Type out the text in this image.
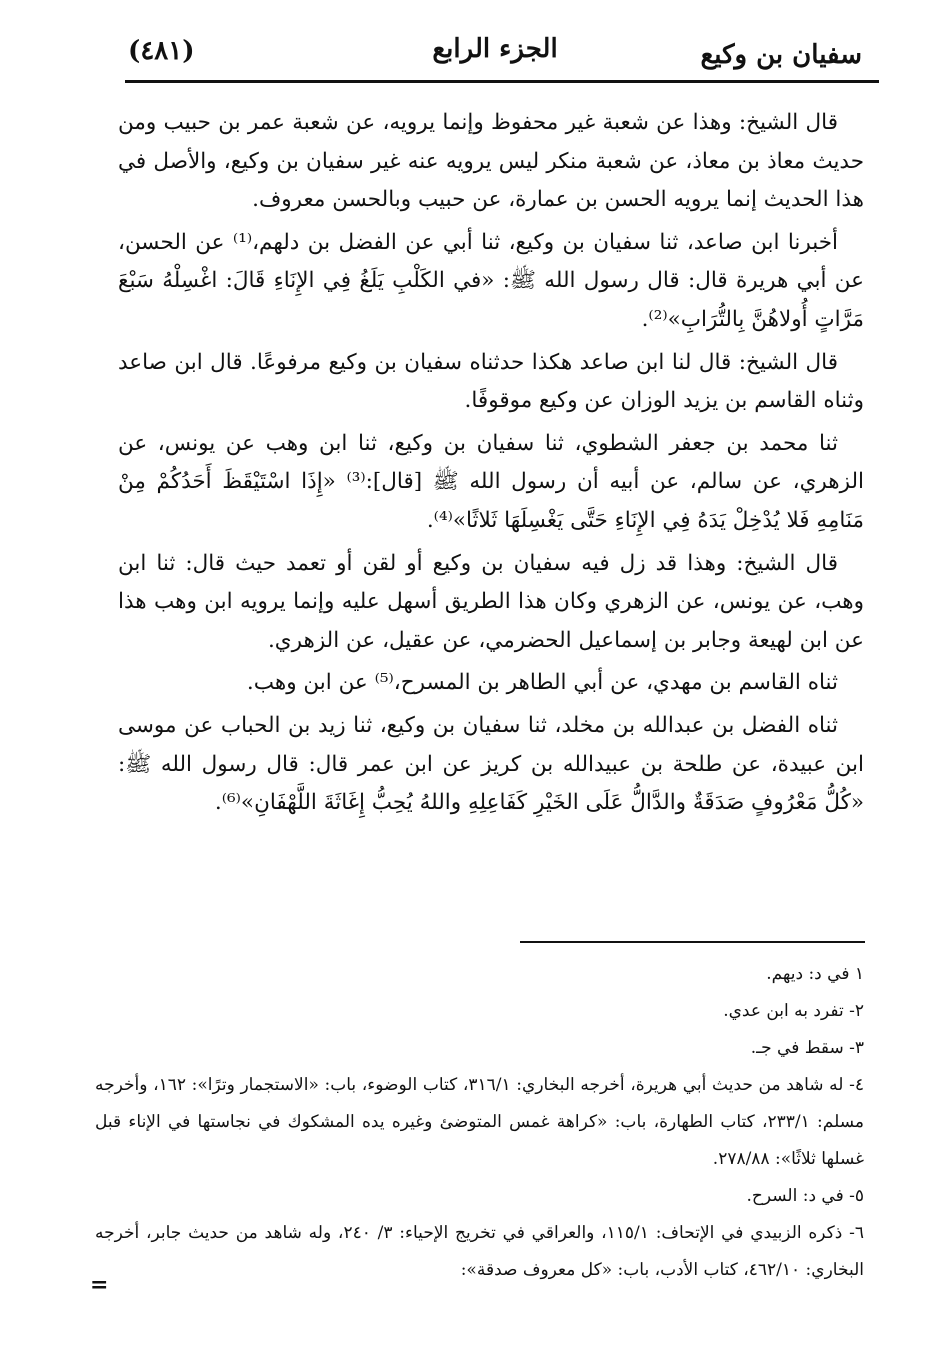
سفيان بن وكيع
الجزء الرابع
(٤٨١)

قال الشيخ: وهذا عن شعبة غير محفوظ وإنما يرويه، عن شعبة عمر بن حبيب ومن حديث معاذ بن معاذ، عن شعبة منكر ليس يرويه عنه غير سفيان بن وكيع، والأصل في هذا الحديث إنما يرويه الحسن بن عمارة، عن حبيب وبالحسن معروف.

أخبرنا ابن صاعد، ثنا سفيان بن وكيع، ثنا أبي عن الفضل بن دلهم،⁽¹⁾ عن الحسن، عن أبي هريرة قال: قال رسول الله ﷺ: «في الكَلْبِ يَلَغُ فِي الإِنَاءِ قَالَ: اغْسِلْهُ سَبْعَ مَرَّاتٍ أُولاهُنَّ بِالتُّرَابِ»⁽²⁾.

قال الشيخ: قال لنا ابن صاعد هكذا حدثناه سفيان بن وكيع مرفوعًا. قال ابن صاعد وثناه القاسم بن يزيد الوزان عن وكيع موقوفًا.

ثنا محمد بن جعفر الشطوي، ثنا سفيان بن وكيع، ثنا ابن وهب عن يونس، عن الزهري، عن سالم، عن أبيه أن رسول الله ﷺ [قال]:⁽³⁾ «إِذَا اسْتَيْقَظَ أَحَدُكُمْ مِنْ مَنَامِهِ فَلا يُدْخِلْ يَدَهُ فِي الإِنَاءِ حَتَّى يَغْسِلَهَا ثَلاثًا»⁽⁴⁾.

قال الشيخ: وهذا قد زل فيه سفيان بن وكيع أو لقن أو تعمد حيث قال: ثنا ابن وهب، عن يونس، عن الزهري وكان هذا الطريق أسهل عليه وإنما يرويه ابن وهب هذا عن ابن لهيعة وجابر بن إسماعيل الحضرمي، عن عقيل، عن الزهري.

ثناه القاسم بن مهدي، عن أبي الطاهر بن المسرح،⁽⁵⁾ عن ابن وهب.

ثناه الفضل بن عبدالله بن مخلد، ثنا سفيان بن وكيع، ثنا زيد بن الحباب عن موسى ابن عبيدة، عن طلحة بن عبيدالله بن كريز عن ابن عمر قال: قال رسول الله ﷺ: «كُلُّ مَعْرُوفٍ صَدَقَةٌ والدَّالُّ عَلَى الخَيْرِ كَفَاعِلِهِ واللهُ يُحِبُّ إِغَاثَةَ اللَّهْفَانِ»⁽⁶⁾.

١ في د: ديهم.

٢- تفرد به ابن عدي.

٣- سقط في جـ.

٤- له شاهد من حديث أبي هريرة، أخرجه البخاري: ٣١٦/١، كتاب الوضوء، باب: «الاستجمار وترًا»: ١٦٢، وأخرجه مسلم: ٢٣٣/١، كتاب الطهارة، باب: «كراهة غمس المتوضئ وغيره يده المشكوك في نجاستها في الإناء قبل غسلها ثلاثًا»: ٢٧٨/٨٨.

٥- في د: السرح.

٦- ذكره الزبيدي في الإتحاف: ١١٥/١، والعراقي في تخريج الإحياء: ٣/ ٢٤٠، وله شاهد من حديث جابر، أخرجه البخاري: ٤٦٢/١٠، كتاب الأدب، باب: «كل معروف صدقة»:

=
